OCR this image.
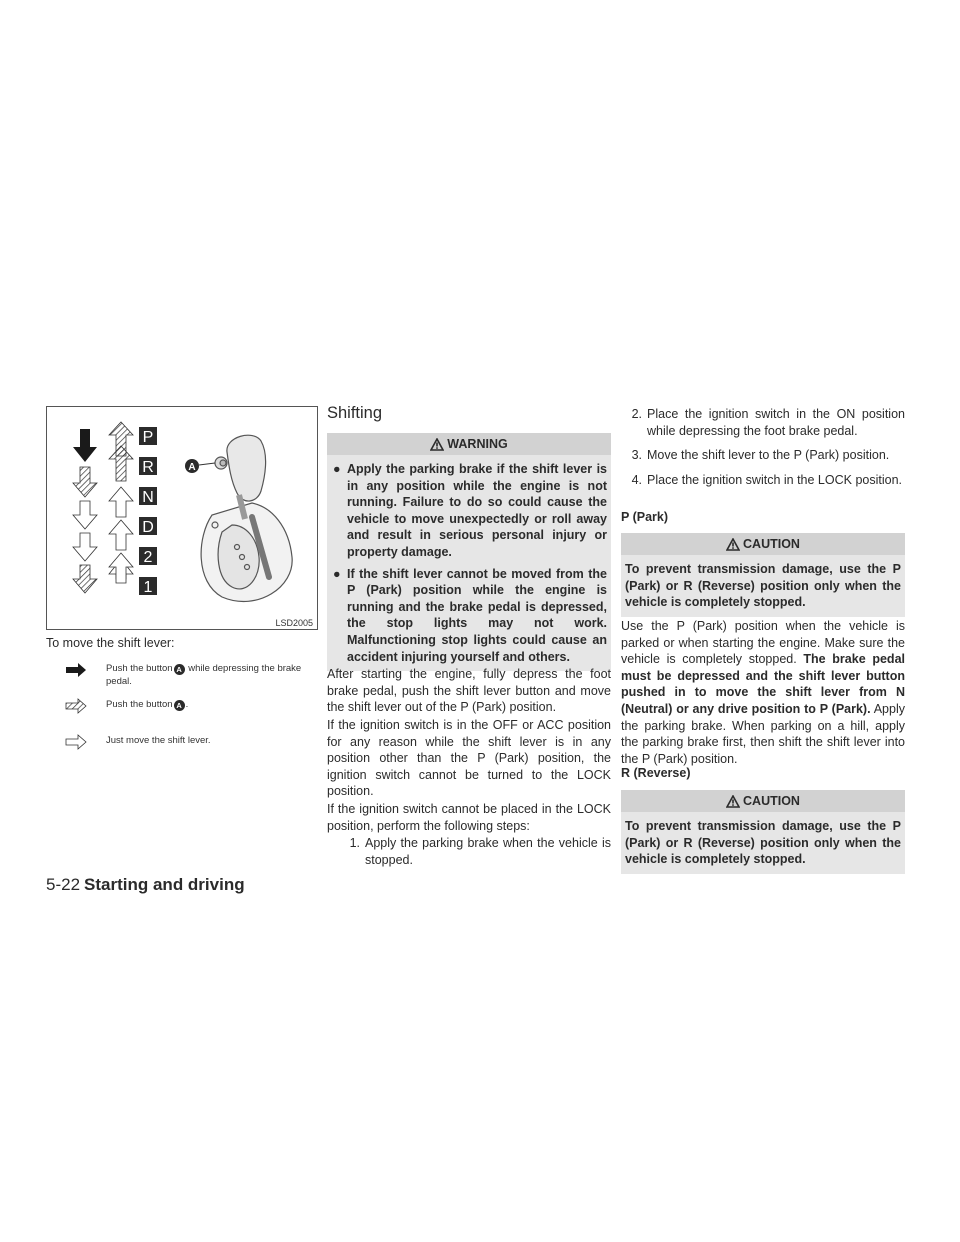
P
R
N
D
2
1
A
LSD2005
To move the shift lever:
Push the button A while depressing the brake pedal.
Push the button A .
Just move the shift lever.
Shifting
WARNING
● Apply the parking brake if the shift lever is in any position while the engine is not running. Failure to do so could cause the vehicle to move unexpectedly or roll away and result in serious personal injury or property damage.
● If the shift lever cannot be moved from the P (Park) position while the engine is running and the brake pedal is depressed, the stop lights may not work. Malfunctioning stop lights could cause an accident injuring yourself and others.

After starting the engine, fully depress the foot brake pedal, push the shift lever button and move the shift lever out of the P (Park) position.

If the ignition switch is in the OFF or ACC position for any reason while the shift lever is in any position other than the P (Park) position, the ignition switch cannot be turned to the LOCK position.

If the ignition switch cannot be placed in the LOCK position, perform the following steps:

1. Apply the parking brake when the vehicle is stopped.
2. Place the ignition switch in the ON position while depressing the foot brake pedal.
3. Move the shift lever to the P (Park) position.
4. Place the ignition switch in the LOCK position.
P (Park)
CAUTION
To prevent transmission damage, use the P (Park) or R (Reverse) position only when the vehicle is completely stopped.

Use the P (Park) position when the vehicle is parked or when starting the engine. Make sure the vehicle is completely stopped. The brake pedal must be depressed and the shift lever button pushed in to move the shift lever from N (Neutral) or any drive position to P (Park). Apply the parking brake. When parking on a hill, apply the parking brake first, then shift the shift lever into the P (Park) position.

R (Reverse)
CAUTION
To prevent transmission damage, use the P (Park) or R (Reverse) position only when the vehicle is completely stopped.
5-22 Starting and driving
